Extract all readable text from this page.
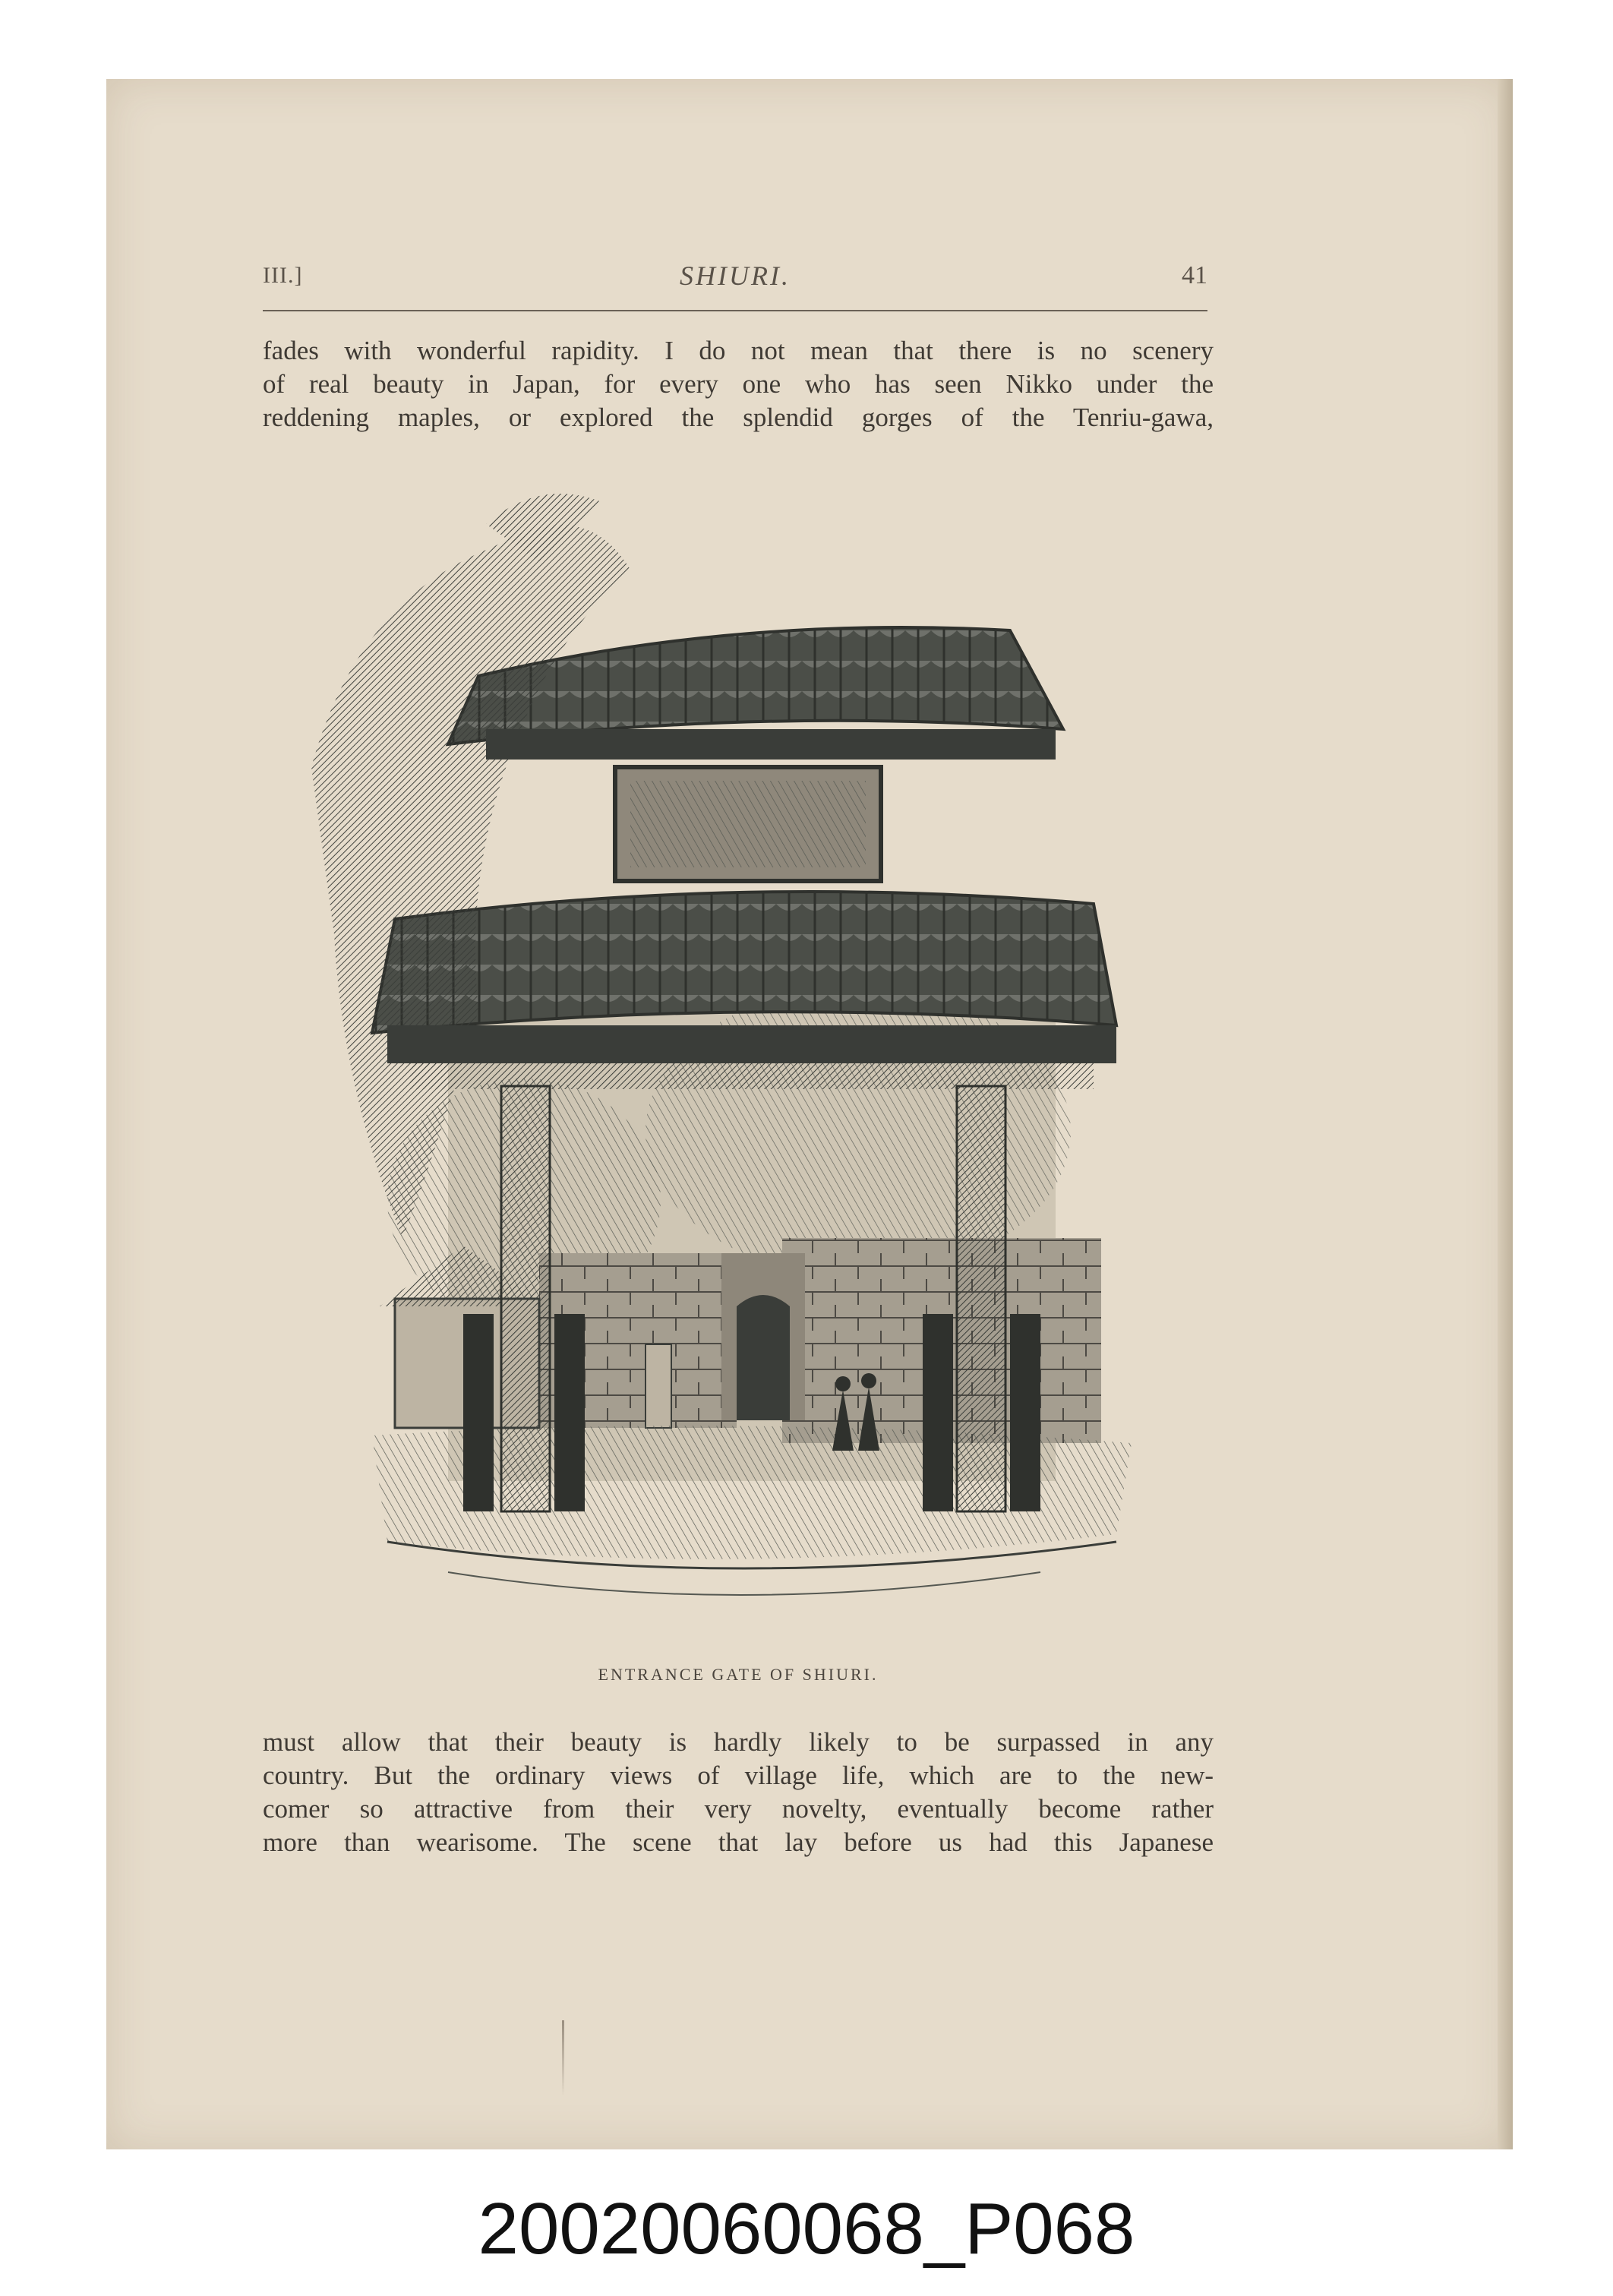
III.]	SHIURI.	41
fades with wonderful rapidity. I do not mean that there is no scenery
of real beauty in Japan, for every one who has seen Nikko under the
reddening maples, or explored the splendid gorges of the Tenriu-gawa,
ENTRANCE GATE OF SHIURI.
must allow that their beauty is hardly likely to be surpassed in any
country. But the ordinary views of village life, which are to the new-
comer so attractive from their very novelty, eventually become rather
more than wearisome. The scene that lay before us had this Japanese
20020060068_P068
